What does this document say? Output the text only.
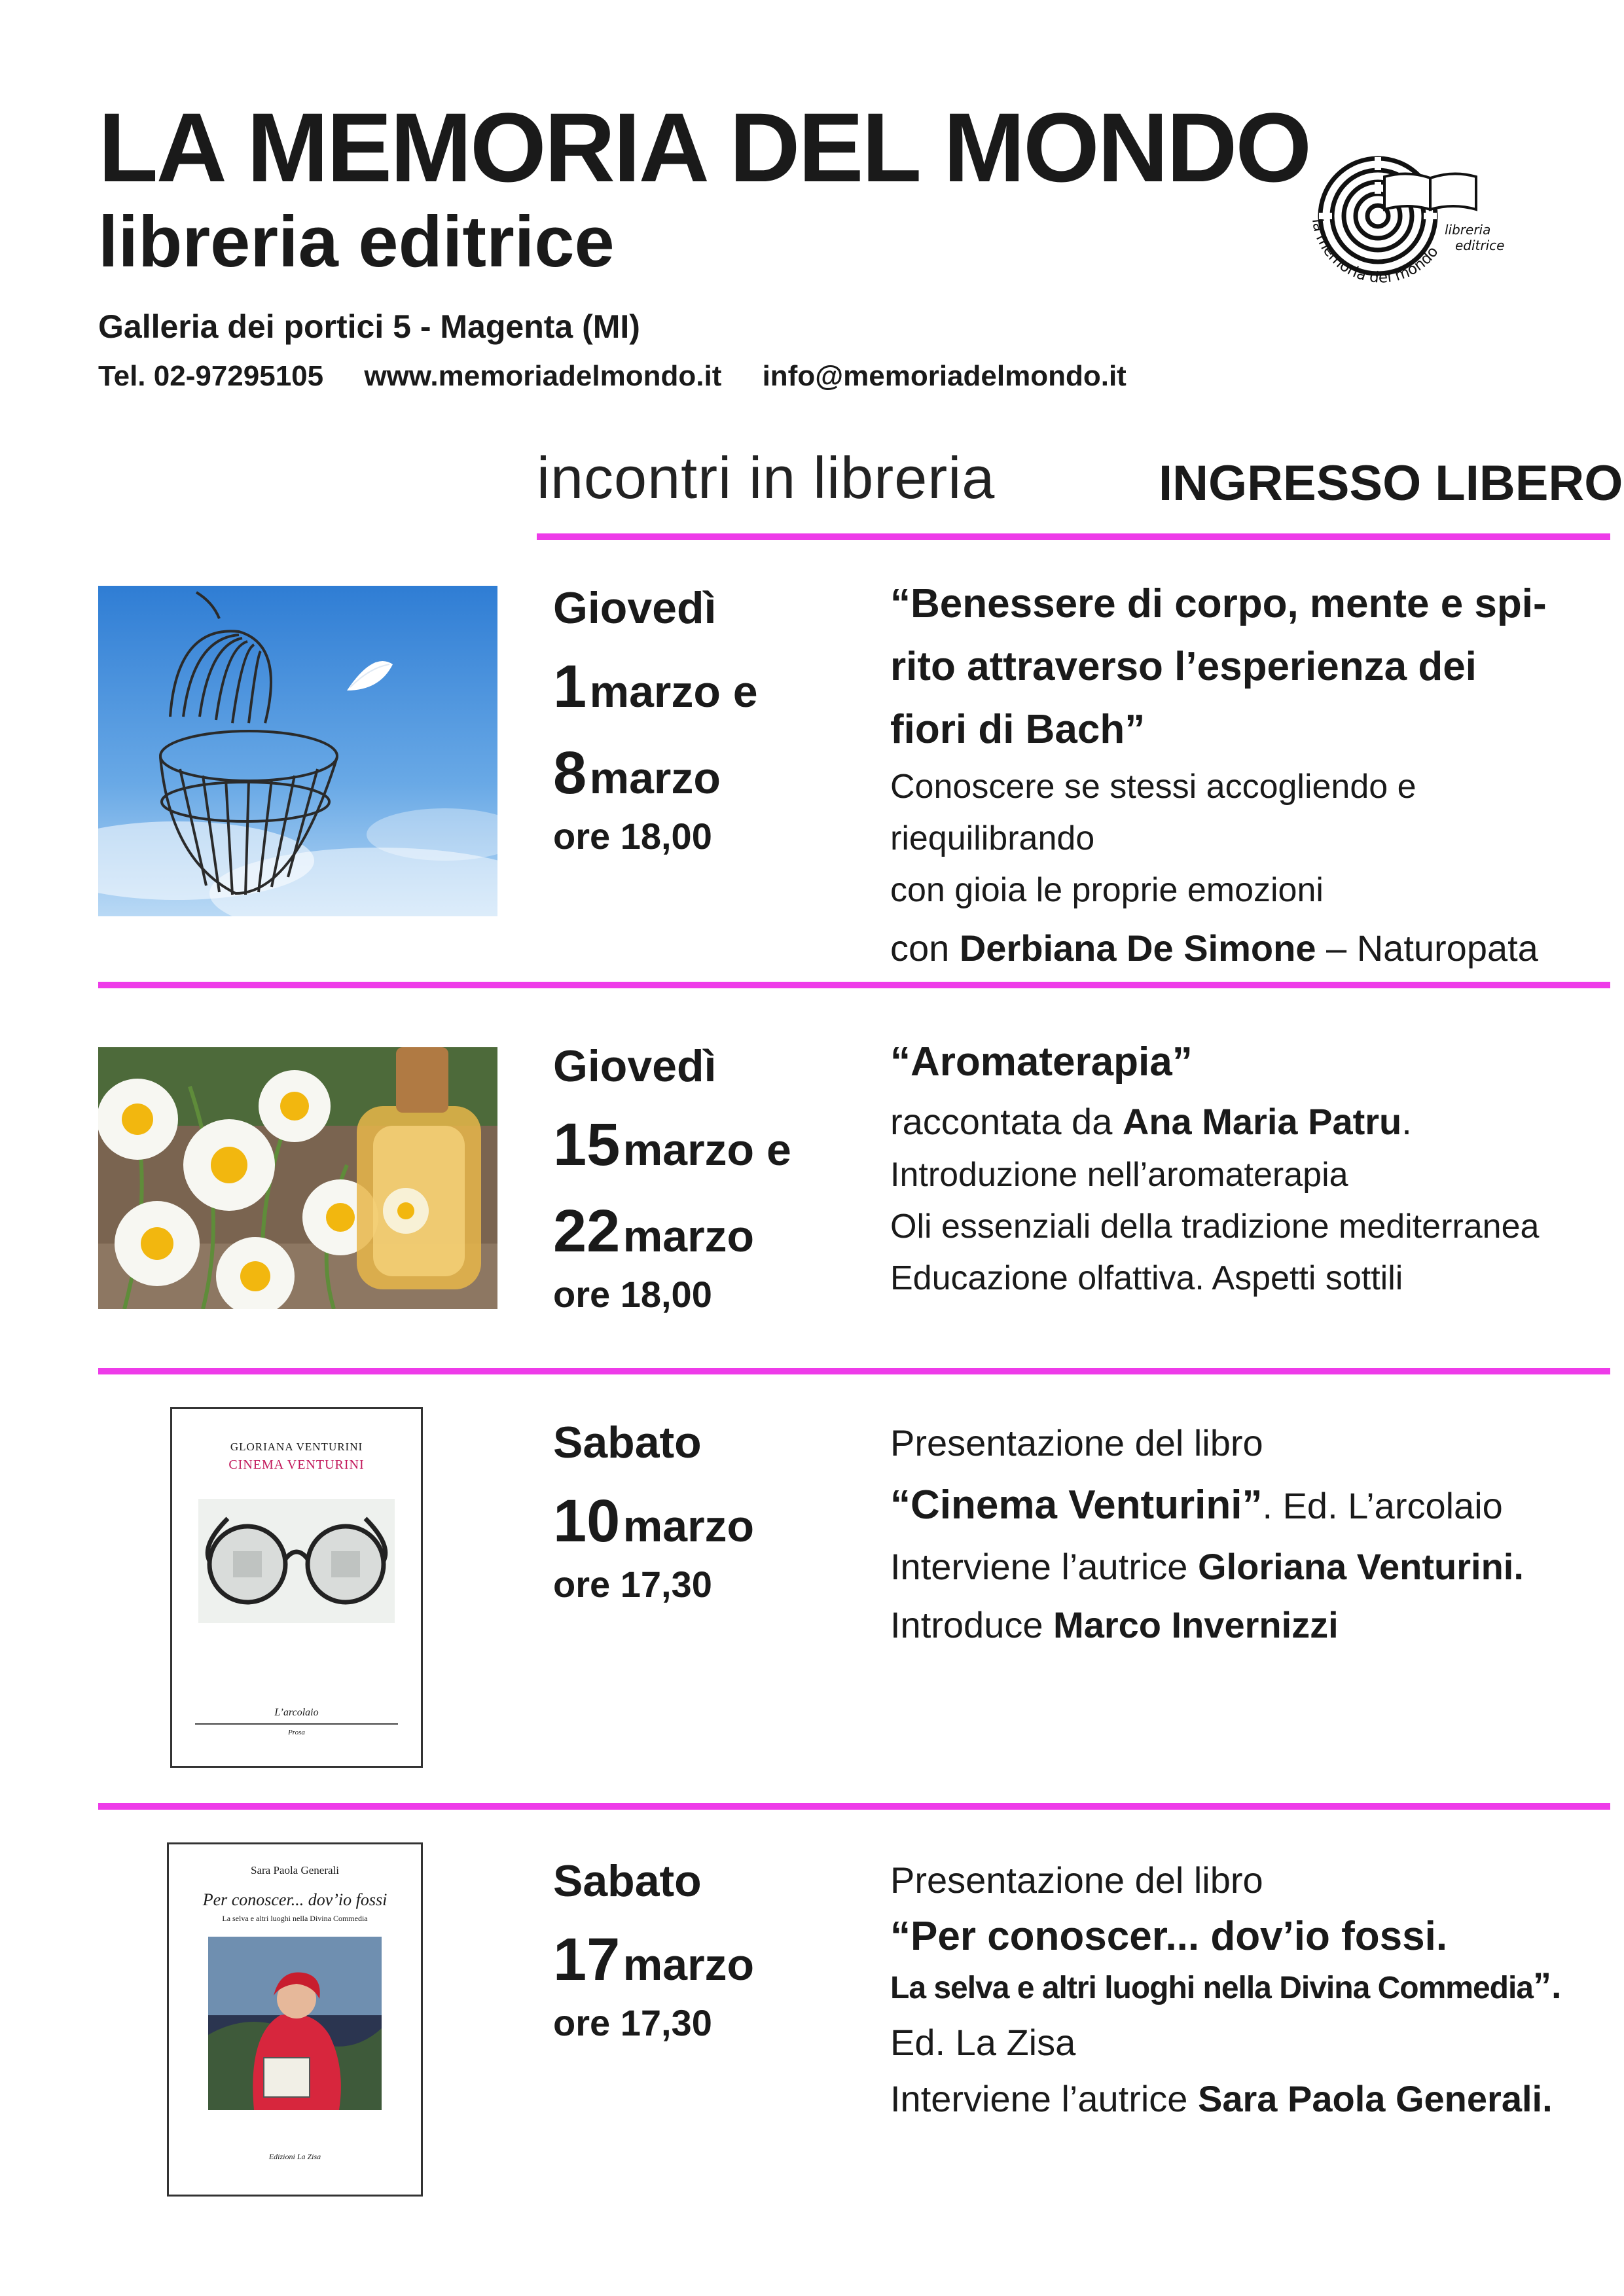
LA MEMORIA DEL MONDO
libreria editrice
Galleria dei portici 5 - Magenta (MI)
Tel. 02-97295105 www.memoriadelmondo.it info@memoriadelmondo.it
la memoria del mondo
libreria
editrice
incontri in libreria	INGRESSO LIBERO
Giovedì
1 marzo e
8 marzo
ore 18,00
“Benessere di corpo, mente e spi-
rito attraverso l’esperienza dei
fiori di Bach”
Conoscere se stessi accogliendo e riequilibrando
con gioia le proprie emozioni
con Derbiana De Simone – Naturopata
Giovedì
15 marzo e
22 marzo
ore 18,00
“Aromaterapia”
raccontata da Ana Maria Patru.
Introduzione nell’aromaterapia
Oli essenziali della tradizione mediterranea
Educazione olfattiva. Aspetti sottili
GLORIANA VENTURINI
CINEMA VENTURINI
L’arcolaio
Prosa
Sabato
10 marzo
ore 17,30
Presentazione del libro
“Cinema Venturini”. Ed. L’arcolaio
Interviene l’autrice Gloriana Venturini.
Introduce Marco Invernizzi
Sara Paola Generali
Per conoscer... dov’io fossi
La selva e altri luoghi nella Divina Commedia
Edizioni La Zisa
Sabato
17 marzo
ore 17,30
Presentazione del libro
“Per conoscer... dov’io fossi.
La selva e altri luoghi nella Divina Commedia”.
Ed. La Zisa
Interviene l’autrice Sara Paola Generali.
